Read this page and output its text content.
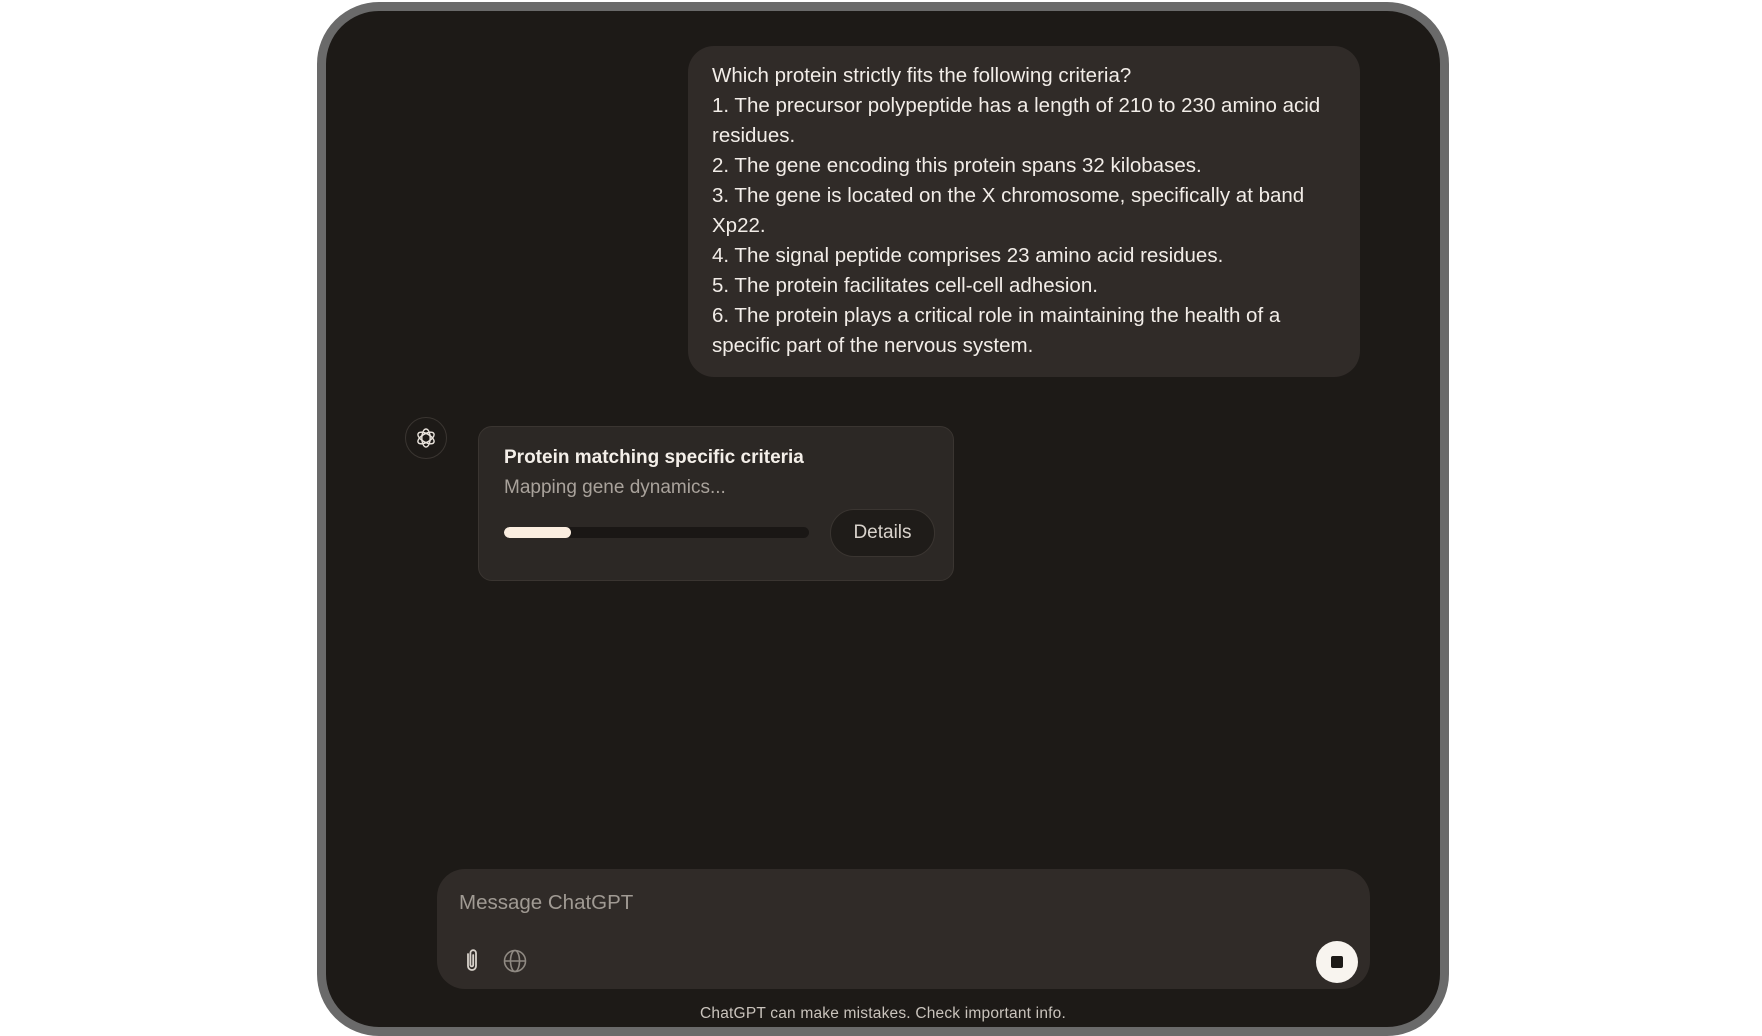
Which protein strictly fits the following criteria?
1. The precursor polypeptide has a length of 210 to 230 amino acid residues.
2. The gene encoding this protein spans 32 kilobases.
3. The gene is located on the X chromosome, specifically at band Xp22.
4. The signal peptide comprises 23 amino acid residues.
5. The protein facilitates cell-cell adhesion.
6. The protein plays a critical role in maintaining the health of a specific part of the nervous system.
Protein matching specific criteria
Mapping gene dynamics...
Details
Message ChatGPT
ChatGPT can make mistakes. Check important info.
